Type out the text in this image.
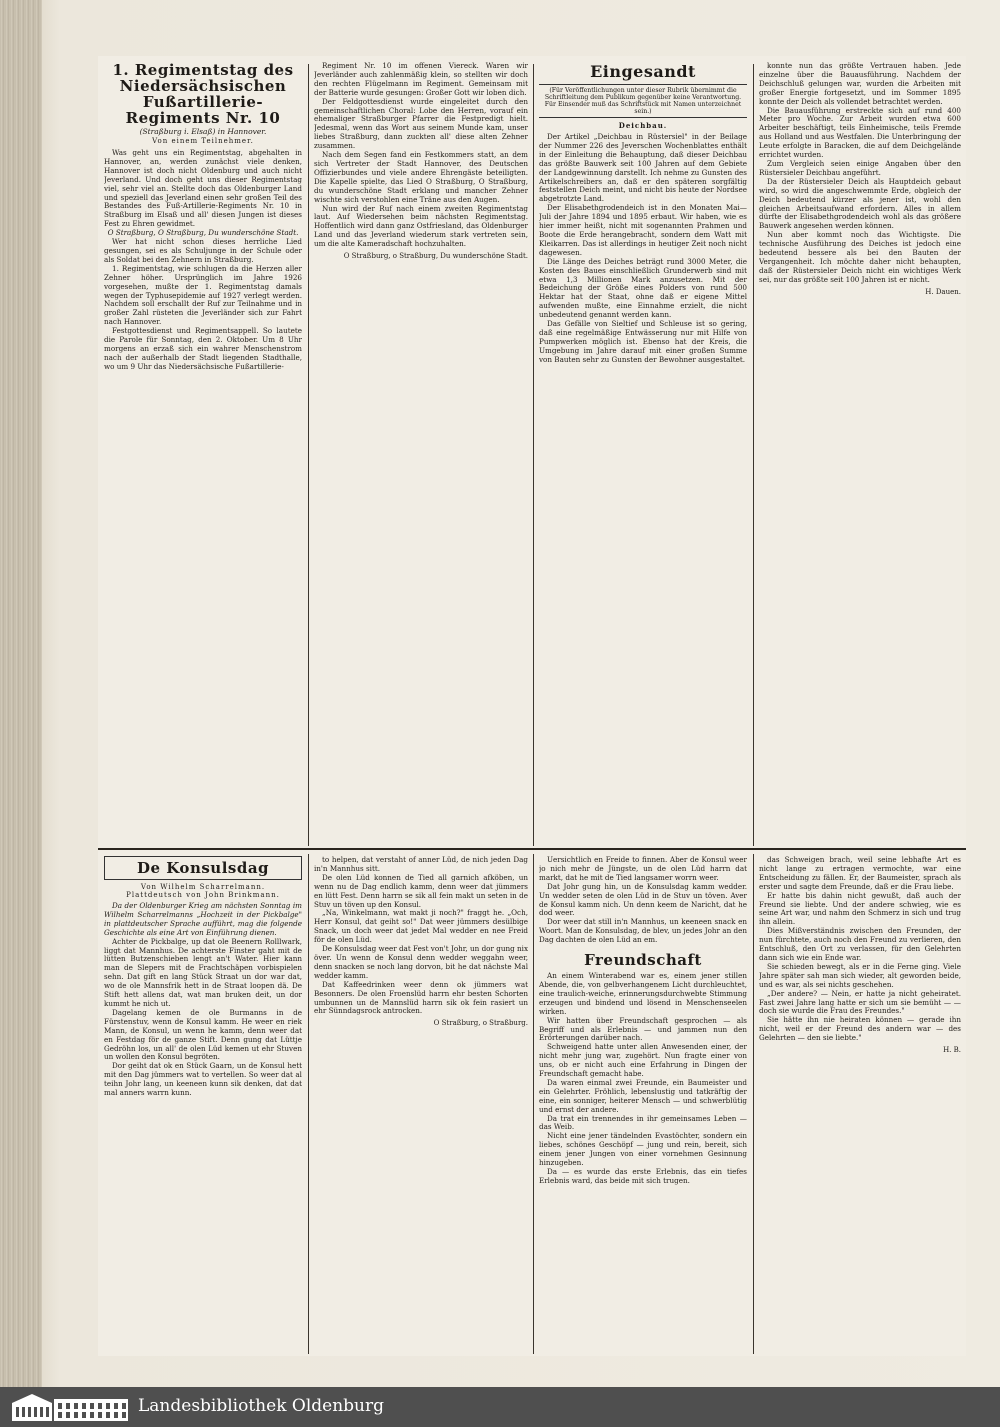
1. Regimentstag des Niedersächsischen Fußartillerie-Regiments Nr. 10
(Straßburg i. Elsaß) in Hannover.
Von einem Teilnehmer.

Was geht uns ein Regimentstag, abgehalten in Hannover, an, werden zunächst viele denken, Hannover ist doch nicht Oldenburg und auch nicht Jeverland. Und doch geht uns dieser Regimentstag viel, sehr viel an. Stellte doch das Oldenburger Land und speziell das Jeverland einen sehr großen Teil des Bestandes des Fuß-Artillerie-Regiments Nr. 10 in Straßburg im Elsaß und all' diesen Jungen ist dieses Fest zu Ehren gewidmet.

O Straßburg, O Straßburg, Du wunderschöne Stadt.

Wer hat nicht schon dieses herrliche Lied gesungen, sei es als Schuljunge in der Schule oder als Soldat bei den Zehnern in Straßburg.

1. Regimentstag, wie schlugen da die Herzen aller Zehner höher. Ursprünglich im Jahre 1926 vorgesehen, mußte der 1. Regimentstag damals wegen der Typhusepidemie auf 1927 verlegt werden. Nachdem soll erschallt der Ruf zur Teilnahme und in großer Zahl rüsteten die Jeverländer sich zur Fahrt nach Hannover.

Festgottesdienst und Regimentsappell. So lautete die Parole für Sonntag, den 2. Oktober. Um 8 Uhr morgens an erzaß sich ein wahrer Menschenstrom nach der außerhalb der Stadt liegenden Stadthalle, wo um 9 Uhr das Niedersächsische Fußartillerie-

Regiment Nr. 10 im offenen Viereck. Waren wir Jeverländer auch zahlenmäßig klein, so stellten wir doch den rechten Flügelmann im Regiment. Gemeinsam mit der Batterie wurde gesungen: Großer Gott wir loben dich.

Der Feldgottesdienst wurde eingeleitet durch den gemeinschaftlichen Choral: Lobe den Herren, vorauf ein ehemaliger Straßburger Pfarrer die Festpredigt hielt. Jedesmal, wenn das Wort aus seinem Munde kam, unser liebes Straßburg, dann zuckten all' diese alten Zehner zusammen.

Nach dem Segen fand ein Festkommers statt, an dem sich Vertreter der Stadt Hannover, des Deutschen Offizierbundes und viele andere Ehrengäste beteiligten. Die Kapelle spielte, das Lied O Straßburg, O Straßburg, du wunderschöne Stadt erklang und mancher Zehner wischte sich verstohlen eine Träne aus den Augen.

Nun wird der Ruf nach einem zweiten Regimentstag laut. Auf Wiedersehen beim nächsten Regimentstag. Hoffentlich wird dann ganz Ostfriesland, das Oldenburger Land und das Jeverland wiederum stark vertreten sein, um die alte Kameradschaft hochzuhalten.

O Straßburg, o Straßburg, Du wunderschöne Stadt.
Eingesandt
(Für Veröffentlichungen unter dieser Rubrik übernimmt die Schriftleitung dem Publikum gegenüber keine Verantwortung. Für Einsender muß das Schriftstück mit Namen unterzeichnet sein.)
Deichbau.

Der Artikel „Deichbau in Rüstersiel" in der Beilage der Nummer 226 des Jeverschen Wochenblattes enthält in der Einleitung die Behauptung, daß dieser Deichbau das größte Bauwerk seit 100 Jahren auf dem Gebiete der Landgewinnung darstellt. Ich nehme zu Gunsten des Artikelschreibers an, daß er den späteren sorgfältig feststellen Deich meint, und nicht bis heute der Nordsee abgetrotzte Land.

Der Elisabethgrodendeich ist in den Monaten Mai—Juli der Jahre 1894 und 1895 erbaut. Wir haben, wie es hier immer heißt, nicht mit sogenannten Prahmen und Boote die Erde herangebracht, sondern dem Watt mit Kleikarren. Das ist allerdings in heutiger Zeit noch nicht dagewesen.

Die Länge des Deiches beträgt rund 3000 Meter, die Kosten des Baues einschließlich Grunderwerb sind mit etwa 1,3 Millionen Mark anzusetzen. Mit der Bedeichung der Größe eines Polders von rund 500 Hektar hat der Staat, ohne daß er eigene Mittel aufwenden mußte, eine Einnahme erzielt, die nicht unbedeutend genannt werden kann.

Das Gefälle von Sieltief und Schleuse ist so gering, daß eine regelmäßige Entwässerung nur mit Hilfe von Pumpwerken möglich ist. Ebenso hat der Kreis, die Umgebung im Jahre darauf mit einer großen Summe von Bauten sehr zu Gunsten der Bewohner ausgestaltet.

konnte nun das größte Vertrauen haben. Jede einzelne über die Bauausführung. Nachdem der Deichschluß gelungen war, wurden die Arbeiten mit großer Energie fortgesetzt, und im Sommer 1895 konnte der Deich als vollendet betrachtet werden.

Die Bauausführung erstreckte sich auf rund 400 Meter pro Woche. Zur Arbeit wurden etwa 600 Arbeiter beschäftigt, teils Einheimische, teils Fremde aus Holland und aus Westfalen. Die Unterbringung der Leute erfolgte in Baracken, die auf dem Deichgelände errichtet wurden.

Zum Vergleich seien einige Angaben über den Rüstersieler Deichbau angeführt.

Da der Rüstersieler Deich als Hauptdeich gebaut wird, so wird die angeschwemmte Erde, obgleich der Deich bedeutend kürzer als jener ist, wohl den gleichen Arbeitsaufwand erfordern. Alles in allem dürfte der Elisabethgrodendeich wohl als das größere Bauwerk angesehen werden können.

Nun aber kommt noch das Wichtigste. Die technische Ausführung des Deiches ist jedoch eine bedeutend bessere als bei den Bauten der Vergangenheit. Ich möchte daher nicht behaupten, daß der Rüstersieler Deich nicht ein wichtiges Werk sei, nur das größte seit 100 Jahren ist er nicht.

H. Dauen.
De Konsulsdag
Von Wilhelm Scharrelmann.
Plattdeutsch von John Brinkmann.

Da der Oldenburger Krieg am nächsten Sonntag im Wilhelm Scharrelmanns „Hochzeit in der Pickbalge" in plattdeutscher Sprache aufführt, mag die folgende Geschichte als eine Art von Einführung dienen.

Achter de Pickbalge, up dat ole Beenern Rolllwark, liggt dat Mannhus. De achterste Finster gaht mit de lütten Butzenschieben lengt an't Water. Hier kann man de Slepers mit de Frachtschäpen vorbispielen sehn. Dat gift en lang Stück Straat un dor war dat, wo de ole Mannsfrik hett in de Straat loopen dä. De Stift hett allens dat, wat man bruken deit, un dor kummt he nich ut.

Dagelang kemen de ole Burmanns in de Fürstenstuv, wenn de Konsul kamm. He weer en riek Mann, de Konsul, un wenn he kamm, denn weer dat en Festdag för de ganze Stift. Denn gung dat Lüttje Gedröhn los, un all' de olen Lüd kemen ut ehr Stuven un wollen den Konsul begröten.

Dor geiht dat ok en Stück Gaarn, un de Konsul hett mit den Dag jümmers wat to vertellen. So weer dat al teihn Johr lang, un keeneen kunn sik denken, dat dat mal anners warrn kunn.

to helpen, dat verstaht of anner Lüd, de nich jeden Dag in'n Mannhus sitt.

De olen Lüd konnen de Tied all garnich afköben, un wenn nu de Dag endlich kamm, denn weer dat jümmers en lütt Fest. Denn harrn se sik all fein makt un seten in de Stuv un töven up den Konsul.

„Na, Winkelmann, wat makt ji noch?" fraggt he. „Och, Herr Konsul, dat geiht so!" Dat weer jümmers desülbige Snack, un doch weer dat jedet Mal wedder en nee Freid för de olen Lüd.

De Konsulsdag weer dat Fest von't Johr, un dor gung nix över. Un wenn de Konsul denn wedder weggahn weer, denn snacken se noch lang dorvon, bit he dat nächste Mal wedder kamm.

Dat Kaffeedrinken weer denn ok jümmers wat Besonners. De olen Froenslüd harrn ehr besten Schorten umbunnen un de Mannslüd harrn sik ok fein rasiert un ehr Sünndagsrock antrocken.

O Straßburg, o Straßburg.

Uersichtlich en Freide to finnen. Aber de Konsul weer jo nich mehr de Jüngste, un de olen Lüd harrn dat markt, dat he mit de Tied langsamer worrn weer.

Dat Johr gung hin, un de Konsulsdag kamm wedder. Un wedder seten de olen Lüd in de Stuv un töven. Aver de Konsul kamm nich. Un denn keem de Naricht, dat he dod weer.

Dor weer dat still in'n Mannhus, un keeneen snack en Woort. Man de Konsulsdag, de blev, un jedes Johr an den Dag dachten de olen Lüd an em.

Freundschaft

An einem Winterabend war es, einem jener stillen Abende, die, von gelbverhangenem Licht durchleuchtet, eine traulich-weiche, erinnerungsdurchwebte Stimmung erzeugen und bindend und lösend in Menschenseelen wirken.

Wir hatten über Freundschaft gesprochen — als Begriff und als Erlebnis — und jammen nun den Erörterungen darüber nach.

Schweigend hatte unter allen Anwesenden einer, der nicht mehr jung war, zugehört. Nun fragte einer von uns, ob er nicht auch eine Erfahrung in Dingen der Freundschaft gemacht habe.

Da waren einmal zwei Freunde, ein Baumeister und ein Gelehrter. Fröhlich, lebenslustig und tatkräftig der eine, ein sonniger, heiterer Mensch — und schwerblütig und ernst der andere.

Da trat ein trennendes in ihr gemeinsames Leben — das Weib.

Nicht eine jener tändelnden Evastöchter, sondern ein liebes, schönes Geschöpf — jung und rein, bereit, sich einem jener Jungen von einer vornehmen Gesinnung hinzugeben.

Da — es wurde das erste Erlebnis, das ein tiefes Erlebnis ward, das beide mit sich trugen.

das Schweigen brach, weil seine lebhafte Art es nicht lange zu ertragen vermochte, war eine Entscheidung zu fällen. Er, der Baumeister, sprach als erster und sagte dem Freunde, daß er die Frau liebe.

Er hatte bis dahin nicht gewußt, daß auch der Freund sie liebte. Und der andere schwieg, wie es seine Art war, und nahm den Schmerz in sich und trug ihn allein.

Dies Mißverständnis zwischen den Freunden, der nun fürchtete, auch noch den Freund zu verlieren, den Entschluß, den Ort zu verlassen, für den Gelehrten dann sich wie ein Ende war.

Sie schieden bewegt, als er in die Ferne ging. Viele Jahre später sah man sich wieder, alt geworden beide, und es war, als sei nichts geschehen.

„Der andere? — Nein, er hatte ja nicht geheiratet. Fast zwei Jahre lang hatte er sich um sie bemüht — — doch sie wurde die Frau des Freundes."

Sie hätte ihn nie heiraten können — gerade ihn nicht, weil er der Freund des andern war — des Gelehrten — den sie liebte."

H. B.
Landesbibliothek Oldenburg
